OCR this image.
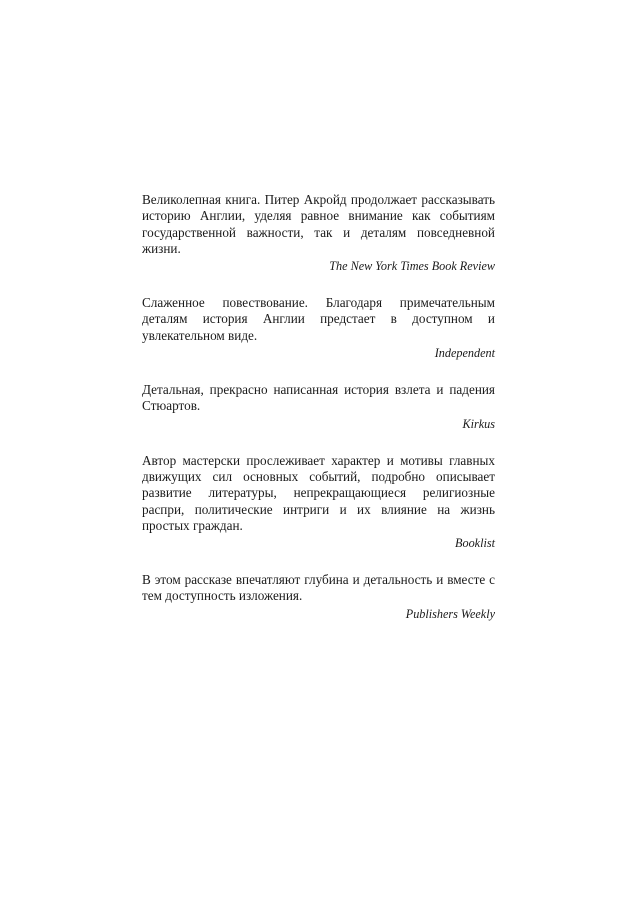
Великолепная книга. Питер Акройд продолжает рассказывать историю Англии, уделяя равное внимание как событиям государственной важности, так и деталям повседневной жизни.

The New York Times Book Review

Слаженное повествование. Благодаря примечательным деталям история Англии предстает в доступном и увлекательном виде.

Independent

Детальная, прекрасно написанная история взлета и падения Стюартов.

Kirkus

Автор мастерски прослеживает характер и мотивы главных движущих сил основных событий, подробно описывает развитие литературы, непрекращающиеся религиозные распри, политические интриги и их влияние на жизнь простых граждан.

Booklist

В этом рассказе впечатляют глубина и детальность и вместе с тем доступность изложения.

Publishers Weekly
